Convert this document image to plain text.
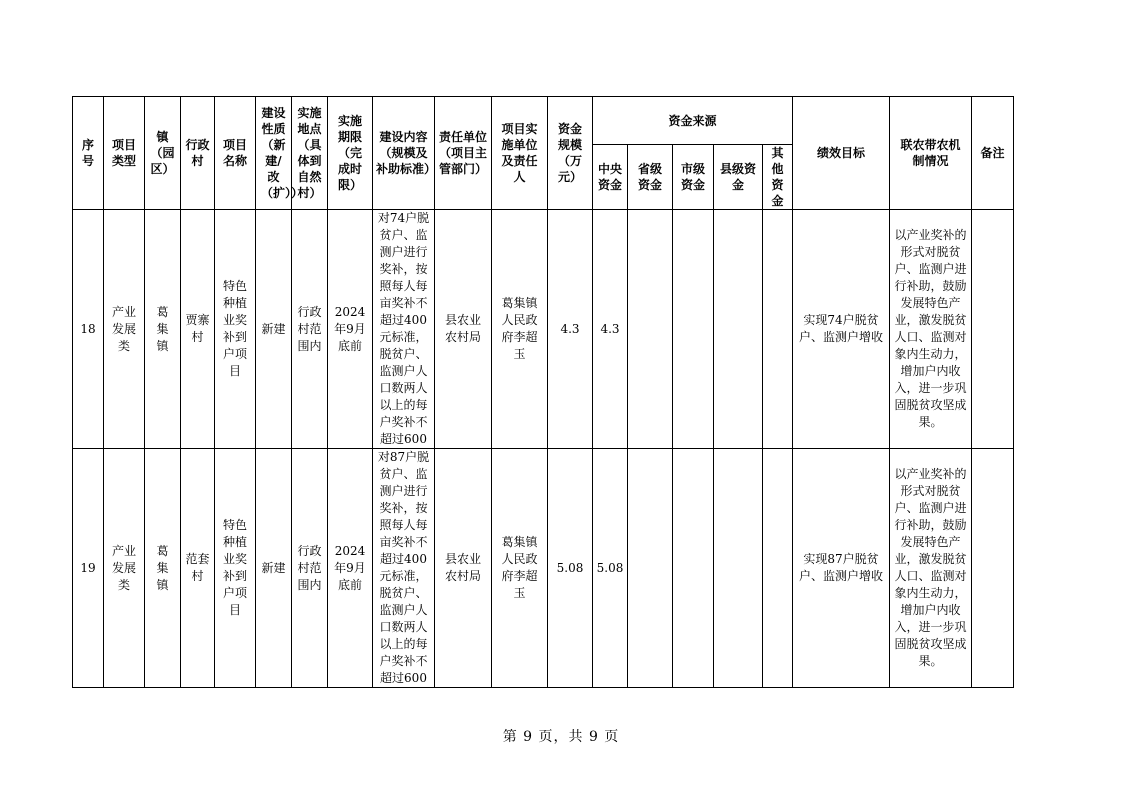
序号	项目类型	镇（园区）	行政村	项目名称	建设性质（新建/改（扩））	实施地点（具体到自然村）	实施期限（完成时限）	建设内容（规模及补助标准）	责任单位（项目主管部门）	项目实施单位及责任人	资金规模（万元）	资金来源					绩效目标	联农带农机制情况	备注
												中央资金	省级资金	市级资金	县级资金	其他资金			
18	产业发展类	葛集镇	贾寨村	特色种植业奖补到户项目	新建	行政村范围内	2024年9月底前	对74户脱贫户、监测户进行奖补，按照每人每亩奖补不超过400元标准，脱贫户、监测户人口数两人以上的每户奖补不超过600	县农业农村局	葛集镇人民政府李超玉	4.3	4.3					实现74户脱贫户、监测户增收	以产业奖补的形式对脱贫户、监测户进行补助，鼓励发展特色产业，激发脱贫人口、监测对象内生动力，增加户内收入，进一步巩固脱贫攻坚成果。	
19	产业发展类	葛集镇	范套村	特色种植业奖补到户项目	新建	行政村范围内	2024年9月底前	对87户脱贫户、监测户进行奖补，按照每人每亩奖补不超过400元标准，脱贫户、监测户人口数两人以上的每户奖补不超过600	县农业农村局	葛集镇人民政府李超玉	5.08	5.08					实现87户脱贫户、监测户增收	以产业奖补的形式对脱贫户、监测户进行补助，鼓励发展特色产业，激发脱贫人口、监测对象内生动力，增加户内收入，进一步巩固脱贫攻坚成果。	
第 9 页，共 9 页
